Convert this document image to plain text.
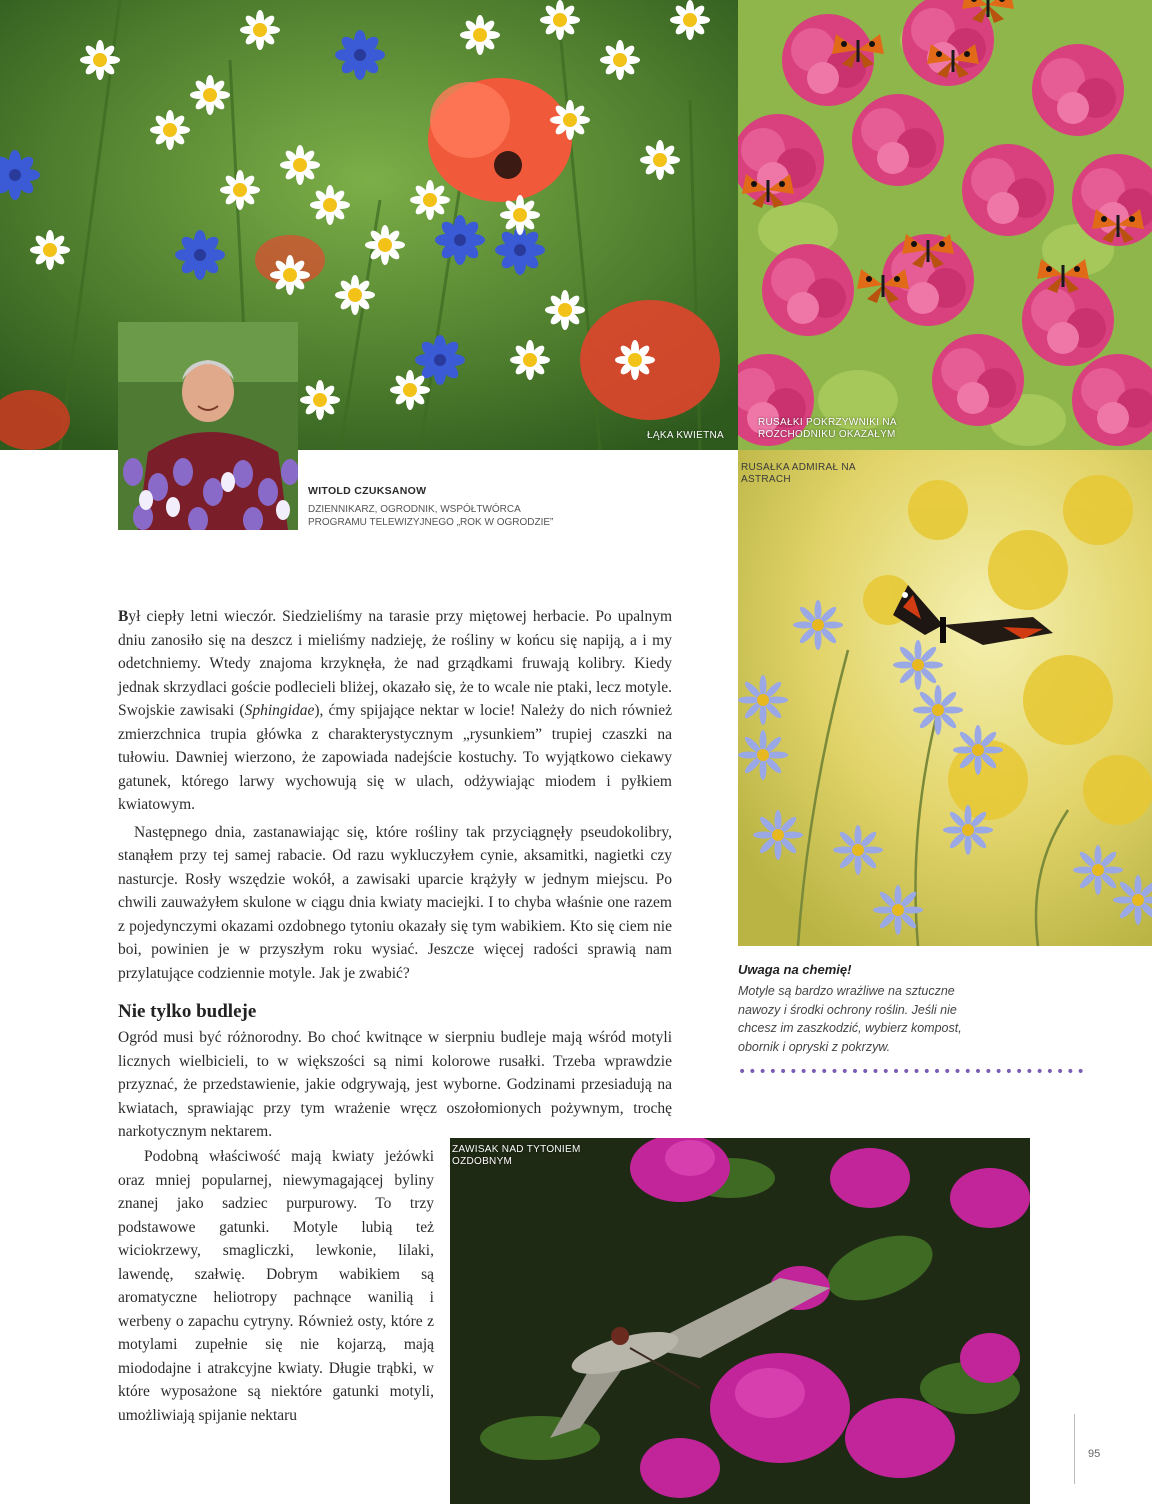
ŁĄKA KWIETNA
RUSAŁKI POKRZYWNIKI NA ROZCHODNIKU OKAZAŁYM
WITOLD CZUKSANOW
DZIENNIKARZ, OGRODNIK, WSPÓŁTWÓRCA PROGRAMU TELEWIZYJNEGO „ROK W OGRODZIE”
RUSAŁKA ADMIRAŁ NA ASTRACH

Był ciepły letni wieczór. Siedzieliśmy na tarasie przy miętowej herbacie. Po upalnym dniu zanosiło się na deszcz i mieliśmy nadzieję, że rośliny w końcu się napiją, a i my odetchniemy. Wtedy znajoma krzyknęła, że nad grządkami fruwają kolibry. Kiedy jednak skrzydlaci goście podlecieli bliżej, okazało się, że to wcale nie ptaki, lecz motyle. Swojskie zawisaki (Sphingidae), ćmy spijające nektar w locie! Należy do nich również zmierzchnica trupia główka z charakterystycznym „rysunkiem” trupiej czaszki na tułowiu. Dawniej wierzono, że zapowiada nadejście kostuchy. To wyjątkowo ciekawy gatunek, którego larwy wychowują się w ulach, odżywiając miodem i pyłkiem kwiatowym.

Następnego dnia, zastanawiając się, które rośliny tak przyciągnęły pseudokolibry, stanąłem przy tej samej rabacie. Od razu wykluczyłem cynie, aksamitki, nagietki czy nasturcje. Rosły wszędzie wokół, a zawisaki uparcie krążyły w jednym miejscu. Po chwili zauważyłem skulone w ciągu dnia kwiaty maciejki. I to chyba właśnie one razem z pojedynczymi okazami ozdobnego tytoniu okazały się tym wabikiem. Kto się ciem nie boi, powinien je w przyszłym roku wysiać. Jeszcze więcej radości sprawią nam przylatujące codziennie motyle. Jak je zwabić?

Nie tylko budleje
Ogród musi być różnorodny. Bo choć kwitnące w sierpniu budleje mają wśród motyli licznych wielbicieli, to w większości są nimi kolorowe rusałki. Trzeba wprawdzie przyznać, że przedstawienie, jakie odgrywają, jest wyborne. Godzinami przesiadują na kwiatach, sprawiając przy tym wrażenie wręcz oszołomionych pożywnym, trochę narkotycznym nektarem.
Podobną właściwość mają kwiaty jeżówki oraz mniej popularnej, niewymagającej byliny znanej jako sadziec purpurowy. To trzy podstawowe gatunki. Motyle lubią też wiciokrzewy, smagliczki, lewkonie, lilaki, lawendę, szałwię. Dobrym wabikiem są aromatyczne heliotropy pachnące wanilią i werbeny o zapachu cytryny. Również osty, które z motylami zupełnie się nie kojarzą, mają miododajne i atrakcyjne kwiaty. Długie trąbki, w które wyposażone są niektóre gatunki motyli, umożliwiają spijanie nektaru
Uwaga na chemię!
Motyle są bardzo wrażliwe na sztuczne nawozy i środki ochrony roślin. Jeśli nie chcesz im zaszkodzić, wybierz kompost, obornik i opryski z pokrzyw.
••••••••••••••••••••••••••••••••••
ZAWISAK NAD TYTONIEM OZDOBNYM
95
